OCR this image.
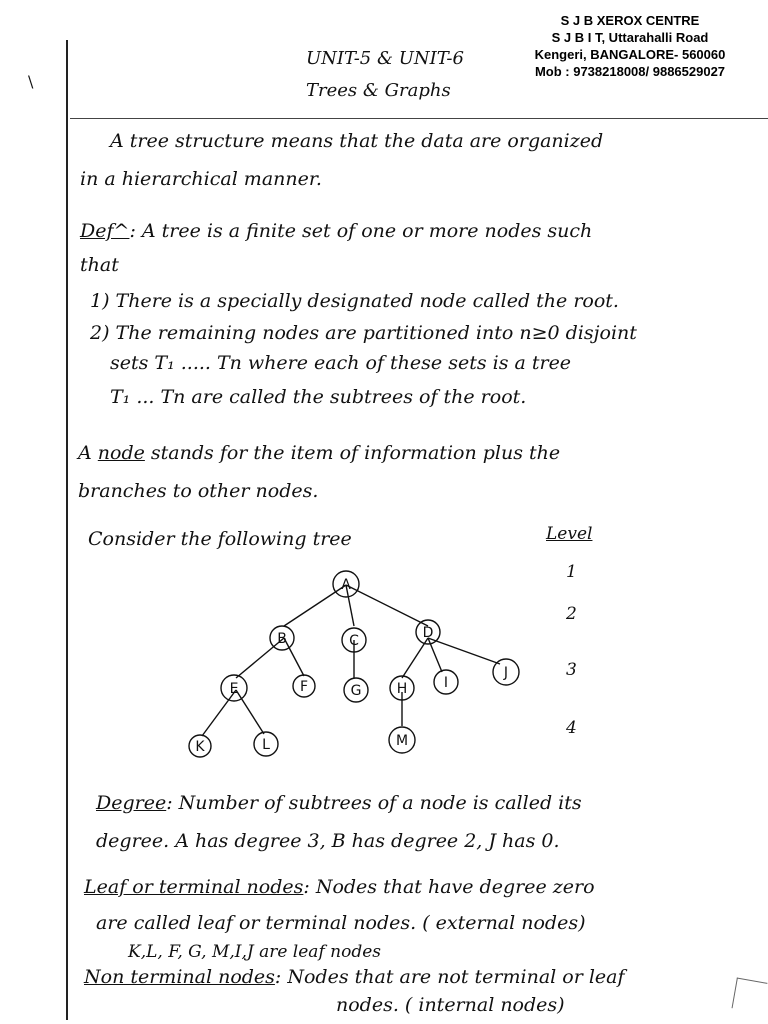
\
S J B XEROX CENTRE
S J B I T, Uttarahalli Road
Kengeri, BANGALORE- 560060
Mob : 9738218008/ 9886529027
UNIT-5 & UNIT-6
Trees & Graphs
A tree structure means that the data are organized
in a hierarchical manner.
Def^: A tree is a finite set of one or more nodes such
that
1) There is a specially designated node called the root.
2) The remaining nodes are partitioned into n≥0 disjoint
sets T₁ ..... Tn where each of these sets is a tree
T₁ ... Tn are called the subtrees of the root.
A node stands for the item of information plus the
branches to other nodes.
Consider the following tree	Level
1
2
3
4
A
B	C	D
E	F	G	H	I
J
K	L	M
Degree: Number of subtrees of a node is called its
degree. A has degree 3, B has degree 2, J has 0.
Leaf or terminal nodes: Nodes that have degree zero
are called leaf or terminal nodes. ( external nodes)
K,L, F, G, M,I,J are leaf nodes
Non terminal nodes: Nodes that are not terminal or leaf
nodes. ( internal nodes)
